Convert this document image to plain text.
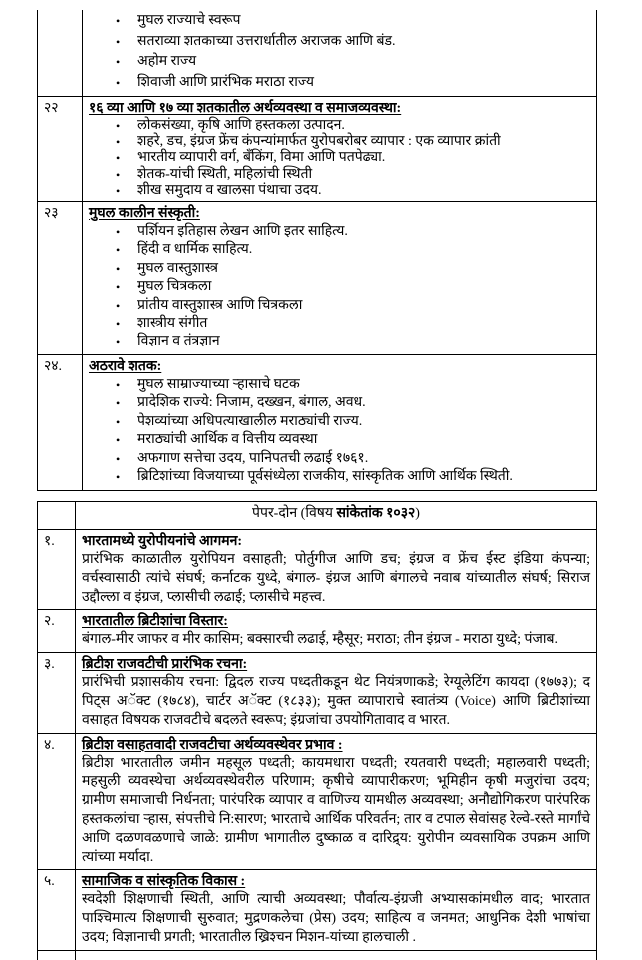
•	मुघल राज्याचे स्वरूप
•	सतराव्या शतकाच्या उत्तरार्धातील अराजक आणि बंड.
•	अहोम राज्य
•	शिवाजी आणि प्रारंभिक मराठा राज्य

२२	१६ व्या आणि १७ व्या शतकातील अर्थव्यवस्था व समाजव्यवस्था:
•	लोकसंख्या, कृषि आणि हस्तकला उत्पादन.
•	शहरे, डच, इंग्रज फ्रेंच कंपन्यांमार्फत युरोपबरोबर व्यापार : एक व्यापार क्रांती
•	भारतीय व्यापारी वर्ग, बँकिंग, विमा आणि पतपेढ्या.
•	शेतक-यांची स्थिती, महिलांची स्थिती
•	शीख समुदाय व खालसा पंथाचा उदय.

२३	मुघल कालीन संस्कृती:
•	पर्शियन इतिहास लेखन आणि इतर साहित्य.
•	हिंदी व धार्मिक साहित्य.
•	मुघल वास्तुशास्त्र
•	मुघल चित्रकला
•	प्रांतीय वास्तुशास्त्र आणि चित्रकला
•	शास्त्रीय संगीत
•	विज्ञान व तंत्रज्ञान

२४.	अठरावे शतक:
•	मुघल साम्राज्याच्या ऱ्हासाचे घटक
•	प्रादेशिक राज्ये: निजाम, दख्खन, बंगाल, अवध.
•	पेशव्यांच्या अधिपत्याखालील मराठ्यांची राज्य.
•	मराठ्यांची आर्थिक व वित्तीय व्यवस्था
•	अफगाण सत्तेचा उदय, पानिपतची लढाई १७६१.
•	ब्रिटिशांच्या विजयाच्या पूर्वसंध्येला राजकीय, सांस्कृतिक आणि आर्थिक स्थिती.
	पेपर-दोन (विषय सांकेतांक १०३२)
१.	भारतामध्ये युरोपीयनांचे आगमन:
प्रारंभिक काळातील युरोपियन वसाहती; पोर्तुगीज आणि डच; इंग्रज व फ्रेंच ईस्ट इंडिया कंपन्या; वर्चस्वासाठी त्यांचे संघर्ष; कर्नाटक युध्दे, बंगाल- इंग्रज आणि बंगालचे नवाब यांच्यातील संघर्ष; सिराज उद्दौल्ला व इंग्रज, प्लासीची लढाई; प्लासीचे महत्त्व.

२.	भारतातील ब्रिटीशांचा विस्तार:
बंगाल-मीर जाफर व मीर कासिम; बक्सारची लढाई, म्हैसूर; मराठा; तीन इंग्रज - मराठा युध्दे; पंजाब.

३.	ब्रिटीश राजवटीची प्रारंभिक रचना:
प्रारंभिची प्रशासकीय रचना: द्विदल राज्य पध्दतीकडून थेट नियंत्रणाकडे; रेग्यूलेटिंग कायदा (१७७३); द पिट्स अॅक्ट (१७८४), चार्टर अॅक्ट (१८३३); मुक्त व्यापाराचे स्वातंत्र्य (Voice) आणि ब्रिटीशांच्या वसाहत विषयक राजवटीचे बदलते स्वरूप; इंग्रजांचा उपयोगितावाद व भारत.

४.	ब्रिटीश वसाहतवादी राजवटीचा अर्थव्यवस्थेवर प्रभाव :
ब्रिटीश भारतातील जमीन महसूल पध्दती; कायमधारा पध्दती; रयतवारी पध्दती; महालवारी पध्दती; महसुली व्यवस्थेचा अर्थव्यवस्थेवरील परिणाम; कृषीचे व्यापारीकरण; भूमिहीन कृषी मजुरांचा उदय; ग्रामीण समाजाची निर्धनता; पारंपरिक व्यापार व वाणिज्य यामधील अव्यवस्था; अनौद्योगिकरण पारंपरिक हस्तकलांचा ऱ्हास, संपत्तीचे नि:सारण; भारताचे आर्थिक परिवर्तन; तार व टपाल सेवांसह रेल्वे-रस्ते मार्गांचे आणि दळणवळणाचे जाळे: ग्रामीण भागातील दुष्काळ व दारिद्र्य: युरोपीन व्यवसायिक उपक्रम आणि त्यांच्या मर्यादा.

५.	सामाजिक व सांस्कृतिक विकास :
स्वदेशी शिक्षणाची स्थिती, आणि त्याची अव्यवस्था; पौर्वात्य-इंग्रजी अभ्यासकांमधील वाद; भारतात पाश्चिमात्य शिक्षणाची सुरुवात; मुद्रणकलेचा (प्रेस) उदय; साहित्य व जनमत; आधुनिक देशी भाषांचा उदय; विज्ञानाची प्रगती; भारतातील ख्रिश्चन मिशन-यांच्या हालचाली .
